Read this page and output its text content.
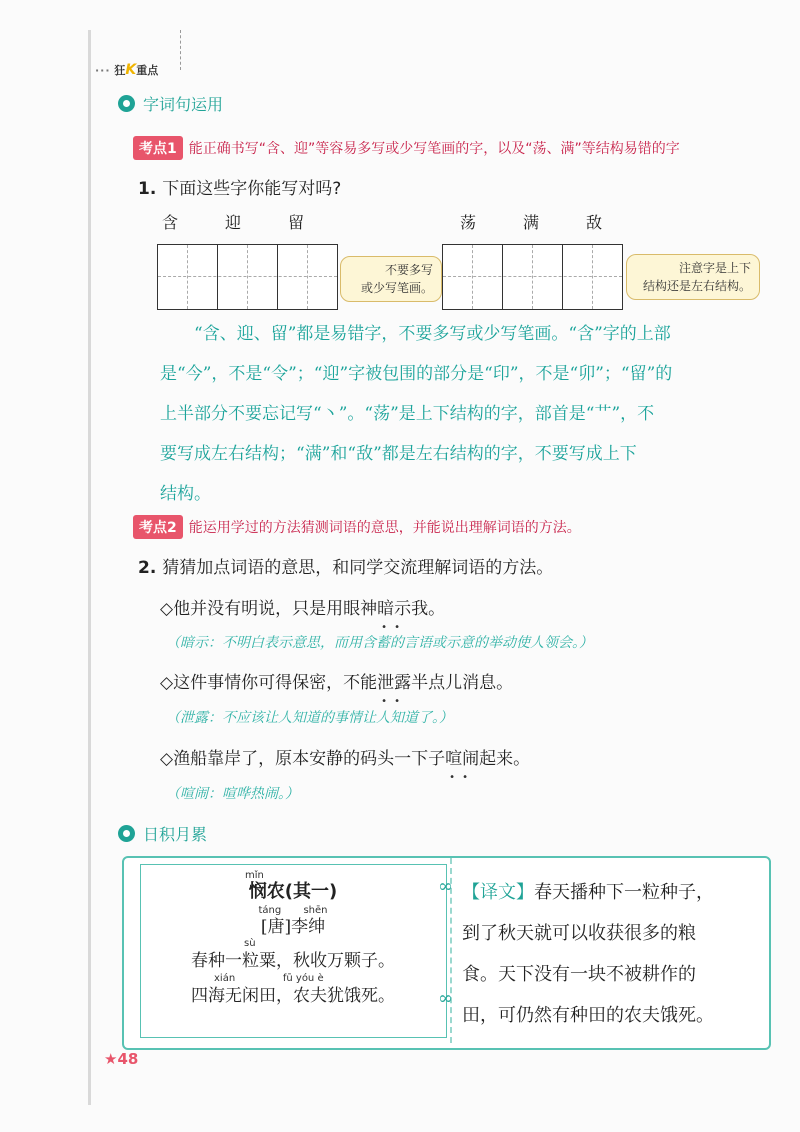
··· 狂K重点
字词句运用
考点1 能正确书写“含、迎”等容易多写或少写笔画的字，以及“荡、满”等结构易错的字
1. 下面这些字你能写对吗?
含	迎	留	荡	满	敌
不要多写
或少写笔画。
注意字是上下
结构还是左右结构。

“含、迎、留”都是易错字，不要多写或少写笔画。“含”字的上部

是“今”，不是“令”；“迎”字被包围的部分是“印”，不是“卯”；“留”的

上半部分不要忘记写“丶”。“荡”是上下结构的字，部首是“艹”，不

要写成左右结构；“满”和“敌”都是左右结构的字，不要写成上下

结构。

考点2 能运用学过的方法猜测词语的意思，并能说出理解词语的方法。
2. 猜猜加点词语的意思，和同学交流理解词语的方法。
◇他并没有明说，只是用眼神暗示 • •我。
（暗示：不明白表示意思，而用含蓄的言语或示意的举动使人领会。）
◇这件事情你可得保密，不能泄露 • •半点儿消息。
（泄露：不应该让人知道的事情让人知道了。）
◇渔船靠岸了，原本安静的码头一下子喧闹 • •起来。
（喧闹：喧哗热闹。）
日积月累
∞
∞
mǐn
悯农(其一)
táng shēn
[唐]李绅
sù
春种一粒粟，秋收万颗子。
xián	fū yóu è
四海无闲田，农夫犹饿死。
【译文】春天播种下一粒种子，
到了秋天就可以收获很多的粮
食。天下没有一块不被耕作的
田，可仍然有种田的农夫饿死。
★48
